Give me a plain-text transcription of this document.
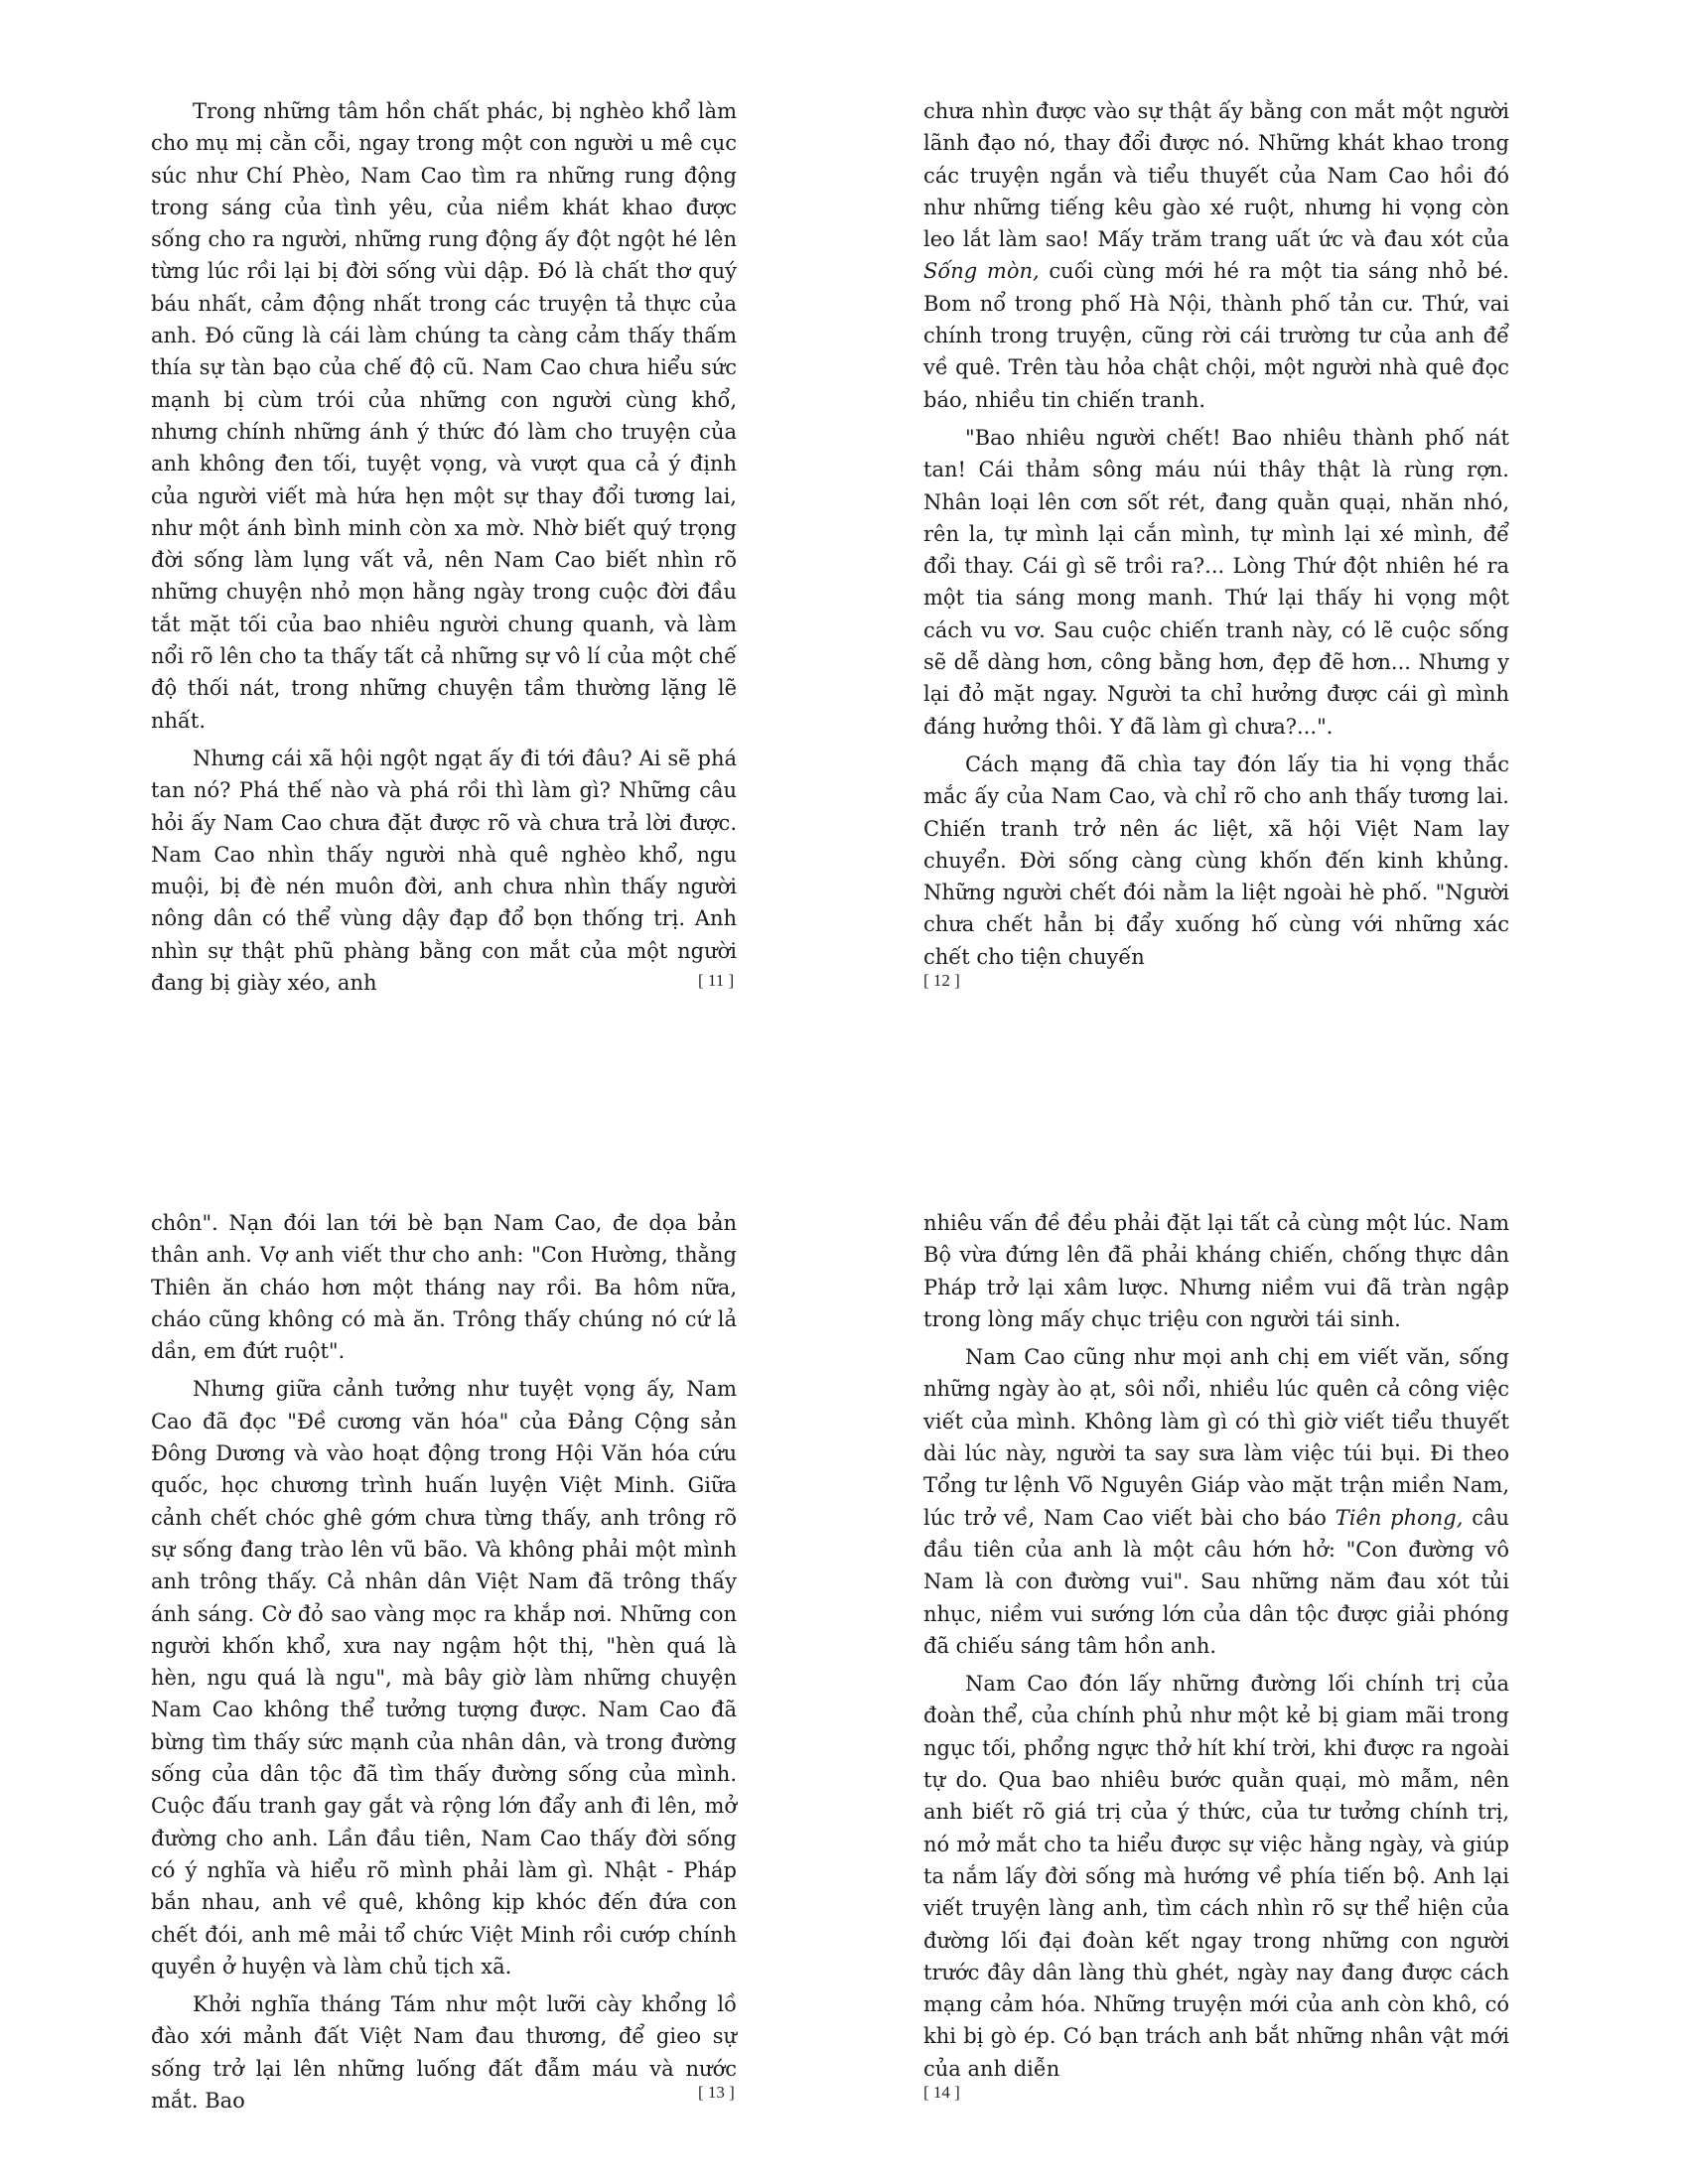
Trong những tâm hồn chất phác, bị nghèo khổ làm cho mụ mị cằn cỗi, ngay trong một con người u mê cục súc như Chí Phèo, Nam Cao tìm ra những rung động trong sáng của tình yêu, của niềm khát khao được sống cho ra người, những rung động ấy đột ngột hé lên từng lúc rồi lại bị đời sống vùi dập. Đó là chất thơ quý báu nhất, cảm động nhất trong các truyện tả thực của anh. Đó cũng là cái làm chúng ta càng cảm thấy thấm thía sự tàn bạo của chế độ cũ. Nam Cao chưa hiểu sức mạnh bị cùm trói của những con người cùng khổ, nhưng chính những ánh ý thức đó làm cho truyện của anh không đen tối, tuyệt vọng, và vượt qua cả ý định của người viết mà hứa hẹn một sự thay đổi tương lai, như một ánh bình minh còn xa mờ. Nhờ biết quý trọng đời sống làm lụng vất vả, nên Nam Cao biết nhìn rõ những chuyện nhỏ mọn hằng ngày trong cuộc đời đầu tắt mặt tối của bao nhiêu người chung quanh, và làm nổi rõ lên cho ta thấy tất cả những sự vô lí của một chế độ thối nát, trong những chuyện tầm thường lặng lẽ nhất.

Nhưng cái xã hội ngột ngạt ấy đi tới đâu? Ai sẽ phá tan nó? Phá thế nào và phá rồi thì làm gì? Những câu hỏi ấy Nam Cao chưa đặt được rõ và chưa trả lời được. Nam Cao nhìn thấy người nhà quê nghèo khổ, ngu muội, bị đè nén muôn đời, anh chưa nhìn thấy người nông dân có thể vùng dậy đạp đổ bọn thống trị. Anh nhìn sự thật phũ phàng bằng con mắt của một người đang bị giày xéo, anh	[ 11 ]

chưa nhìn được vào sự thật ấy bằng con mắt một người lãnh đạo nó, thay đổi được nó. Những khát khao trong các truyện ngắn và tiểu thuyết của Nam Cao hồi đó như những tiếng kêu gào xé ruột, nhưng hi vọng còn leo lắt làm sao! Mấy trăm trang uất ức và đau xót của Sống mòn, cuối cùng mới hé ra một tia sáng nhỏ bé. Bom nổ trong phố Hà Nội, thành phố tản cư. Thứ, vai chính trong truyện, cũng rời cái trường tư của anh để về quê. Trên tàu hỏa chật chội, một người nhà quê đọc báo, nhiều tin chiến tranh.

"Bao nhiêu người chết! Bao nhiêu thành phố nát tan! Cái thảm sông máu núi thây thật là rùng rợn. Nhân loại lên cơn sốt rét, đang quằn quại, nhăn nhó, rên la, tự mình lại cắn mình, tự mình lại xé mình, để đổi thay. Cái gì sẽ trồi ra?... Lòng Thứ đột nhiên hé ra một tia sáng mong manh. Thứ lại thấy hi vọng một cách vu vơ. Sau cuộc chiến tranh này, có lẽ cuộc sống sẽ dễ dàng hơn, công bằng hơn, đẹp đẽ hơn... Nhưng y lại đỏ mặt ngay. Người ta chỉ hưởng được cái gì mình đáng hưởng thôi. Y đã làm gì chưa?...".

Cách mạng đã chìa tay đón lấy tia hi vọng thắc mắc ấy của Nam Cao, và chỉ rõ cho anh thấy tương lai. Chiến tranh trở nên ác liệt, xã hội Việt Nam lay chuyển. Đời sống càng cùng khốn đến kinh khủng. Những người chết đói nằm la liệt ngoài hè phố. "Người chưa chết hẳn bị đẩy xuống hố cùng với những xác chết cho tiện chuyến

[ 12 ]

chôn". Nạn đói lan tới bè bạn Nam Cao, đe dọa bản thân anh. Vợ anh viết thư cho anh: "Con Hường, thằng Thiên ăn cháo hơn một tháng nay rồi. Ba hôm nữa, cháo cũng không có mà ăn. Trông thấy chúng nó cứ lả dần, em đứt ruột".

Nhưng giữa cảnh tưởng như tuyệt vọng ấy, Nam Cao đã đọc "Đề cương văn hóa" của Đảng Cộng sản Đông Dương và vào hoạt động trong Hội Văn hóa cứu quốc, học chương trình huấn luyện Việt Minh. Giữa cảnh chết chóc ghê gớm chưa từng thấy, anh trông rõ sự sống đang trào lên vũ bão. Và không phải một mình anh trông thấy. Cả nhân dân Việt Nam đã trông thấy ánh sáng. Cờ đỏ sao vàng mọc ra khắp nơi. Những con người khốn khổ, xưa nay ngậm hột thị, "hèn quá là hèn, ngu quá là ngu", mà bây giờ làm những chuyện Nam Cao không thể tưởng tượng được. Nam Cao đã bừng tìm thấy sức mạnh của nhân dân, và trong đường sống của dân tộc đã tìm thấy đường sống của mình. Cuộc đấu tranh gay gắt và rộng lớn đẩy anh đi lên, mở đường cho anh. Lần đầu tiên, Nam Cao thấy đời sống có ý nghĩa và hiểu rõ mình phải làm gì. Nhật - Pháp bắn nhau, anh về quê, không kịp khóc đến đứa con chết đói, anh mê mải tổ chức Việt Minh rồi cướp chính quyền ở huyện và làm chủ tịch xã.

Khởi nghĩa tháng Tám như một lưỡi cày khổng lồ đào xới mảnh đất Việt Nam đau thương, để gieo sự sống trở lại lên những luống đất đẫm máu và nước mắt. Bao	[ 13 ]

nhiêu vấn đề đều phải đặt lại tất cả cùng một lúc. Nam Bộ vừa đứng lên đã phải kháng chiến, chống thực dân Pháp trở lại xâm lược. Nhưng niềm vui đã tràn ngập trong lòng mấy chục triệu con người tái sinh.

Nam Cao cũng như mọi anh chị em viết văn, sống những ngày ào ạt, sôi nổi, nhiều lúc quên cả công việc viết của mình. Không làm gì có thì giờ viết tiểu thuyết dài lúc này, người ta say sưa làm việc túi bụi. Đi theo Tổng tư lệnh Võ Nguyên Giáp vào mặt trận miền Nam, lúc trở về, Nam Cao viết bài cho báo Tiên phong, câu đầu tiên của anh là một câu hớn hở: "Con đường vô Nam là con đường vui". Sau những năm đau xót tủi nhục, niềm vui sướng lớn của dân tộc được giải phóng đã chiếu sáng tâm hồn anh.

Nam Cao đón lấy những đường lối chính trị của đoàn thể, của chính phủ như một kẻ bị giam mãi trong ngục tối, phổng ngực thở hít khí trời, khi được ra ngoài tự do. Qua bao nhiêu bước quằn quại, mò mẫm, nên anh biết rõ giá trị của ý thức, của tư tưởng chính trị, nó mở mắt cho ta hiểu được sự việc hằng ngày, và giúp ta nắm lấy đời sống mà hướng về phía tiến bộ. Anh lại viết truyện làng anh, tìm cách nhìn rõ sự thể hiện của đường lối đại đoàn kết ngay trong những con người trước đây dân làng thù ghét, ngày nay đang được cách mạng cảm hóa. Những truyện mới của anh còn khô, có khi bị gò ép. Có bạn trách anh bắt những nhân vật mới của anh diễn

[ 14 ]
